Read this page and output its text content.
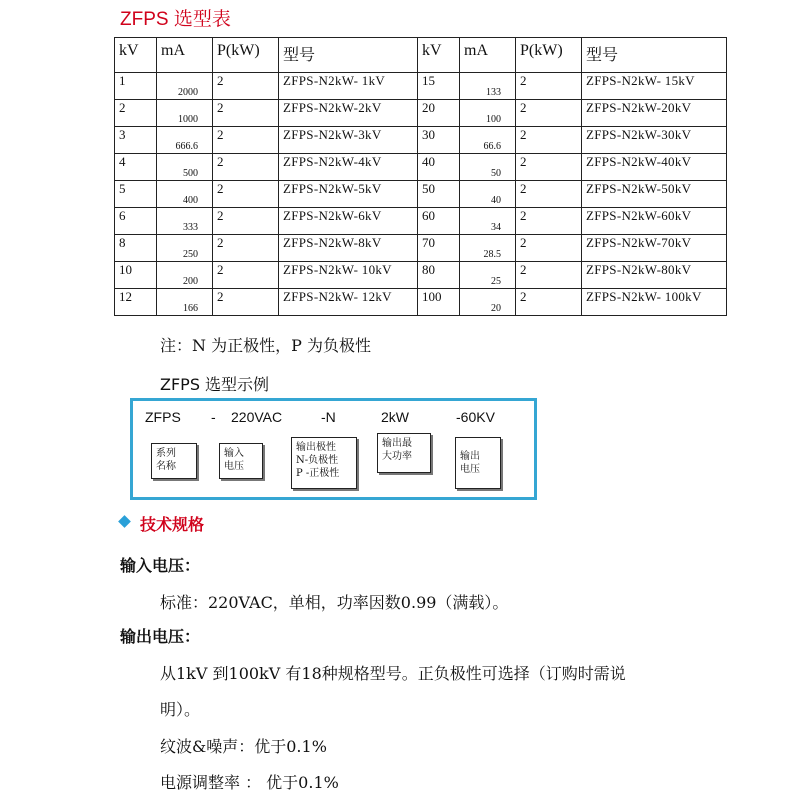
ZFPS 选型表
kV	mA	P(kW)	型号	kV	mA	P(kW)	型号
1	2000	2	ZFPS-N2kW- 1kV	15	133	2	ZFPS-N2kW- 15kV
2	1000	2	ZFPS-N2kW-2kV	20	100	2	ZFPS-N2kW-20kV
3	666.6	2	ZFPS-N2kW-3kV	30	66.6	2	ZFPS-N2kW-30kV
4	500	2	ZFPS-N2kW-4kV	40	50	2	ZFPS-N2kW-40kV
5	400	2	ZFPS-N2kW-5kV	50	40	2	ZFPS-N2kW-50kV
6	333	2	ZFPS-N2kW-6kV	60	34	2	ZFPS-N2kW-60kV
8	250	2	ZFPS-N2kW-8kV	70	28.5	2	ZFPS-N2kW-70kV
10	200	2	ZFPS-N2kW- 10kV	80	25	2	ZFPS-N2kW-80kV
12	166	2	ZFPS-N2kW- 12kV	100	20	2	ZFPS-N2kW- 100kV
注：N 为正极性，P 为负极性
ZFPS 选型示例
ZFPS - 220VAC	-N	2kW	-60KV
系列
名称
输入
电压
输出极性
N-负极性
P -正极性
输出最
大功率	输出
电压
技术规格
输入电压：
标准：220VAC，单相，功率因数0.99（满载）。
输出电压：
从1kV 到100kV 有18种规格型号。正负极性可选择（订购时需说
明）。
纹波&噪声：优于0.1%
电源调整率 ： 优于0.1%
